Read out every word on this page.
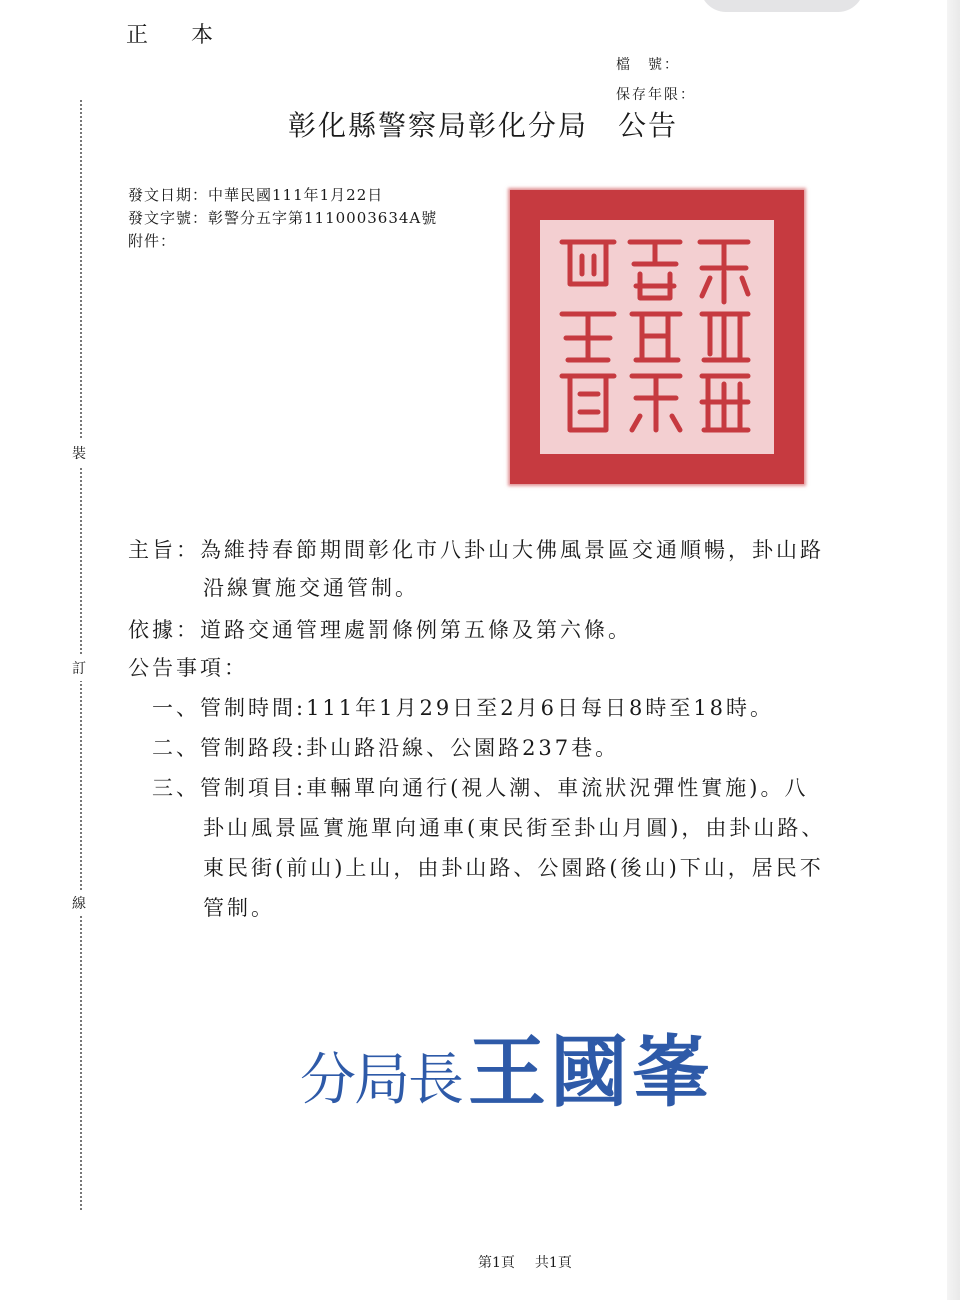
正 本
檔　號：
保存年限：
裝
訂
線
彰化縣警察局彰化分局 公告
發文日期：中華民國111年1月22日
發文字號：彰警分五字第1110003634A號
附件：
主旨：為維持春節期間彰化市八卦山大佛風景區交通順暢，卦山路
沿線實施交通管制。
依據：道路交通管理處罰條例第五條及第六條。
公告事項：
一、管制時間:111年1月29日至2月6日每日8時至18時。
二、管制路段:卦山路沿線、公園路237巷。
三、管制項目:車輛單向通行(視人潮、車流狀況彈性實施)。八
卦山風景區實施單向通車(東民街至卦山月圓)，由卦山路、
東民街(前山)上山，由卦山路、公園路(後山)下山，居民不
管制。
分局長王國峯
第1頁 共1頁
